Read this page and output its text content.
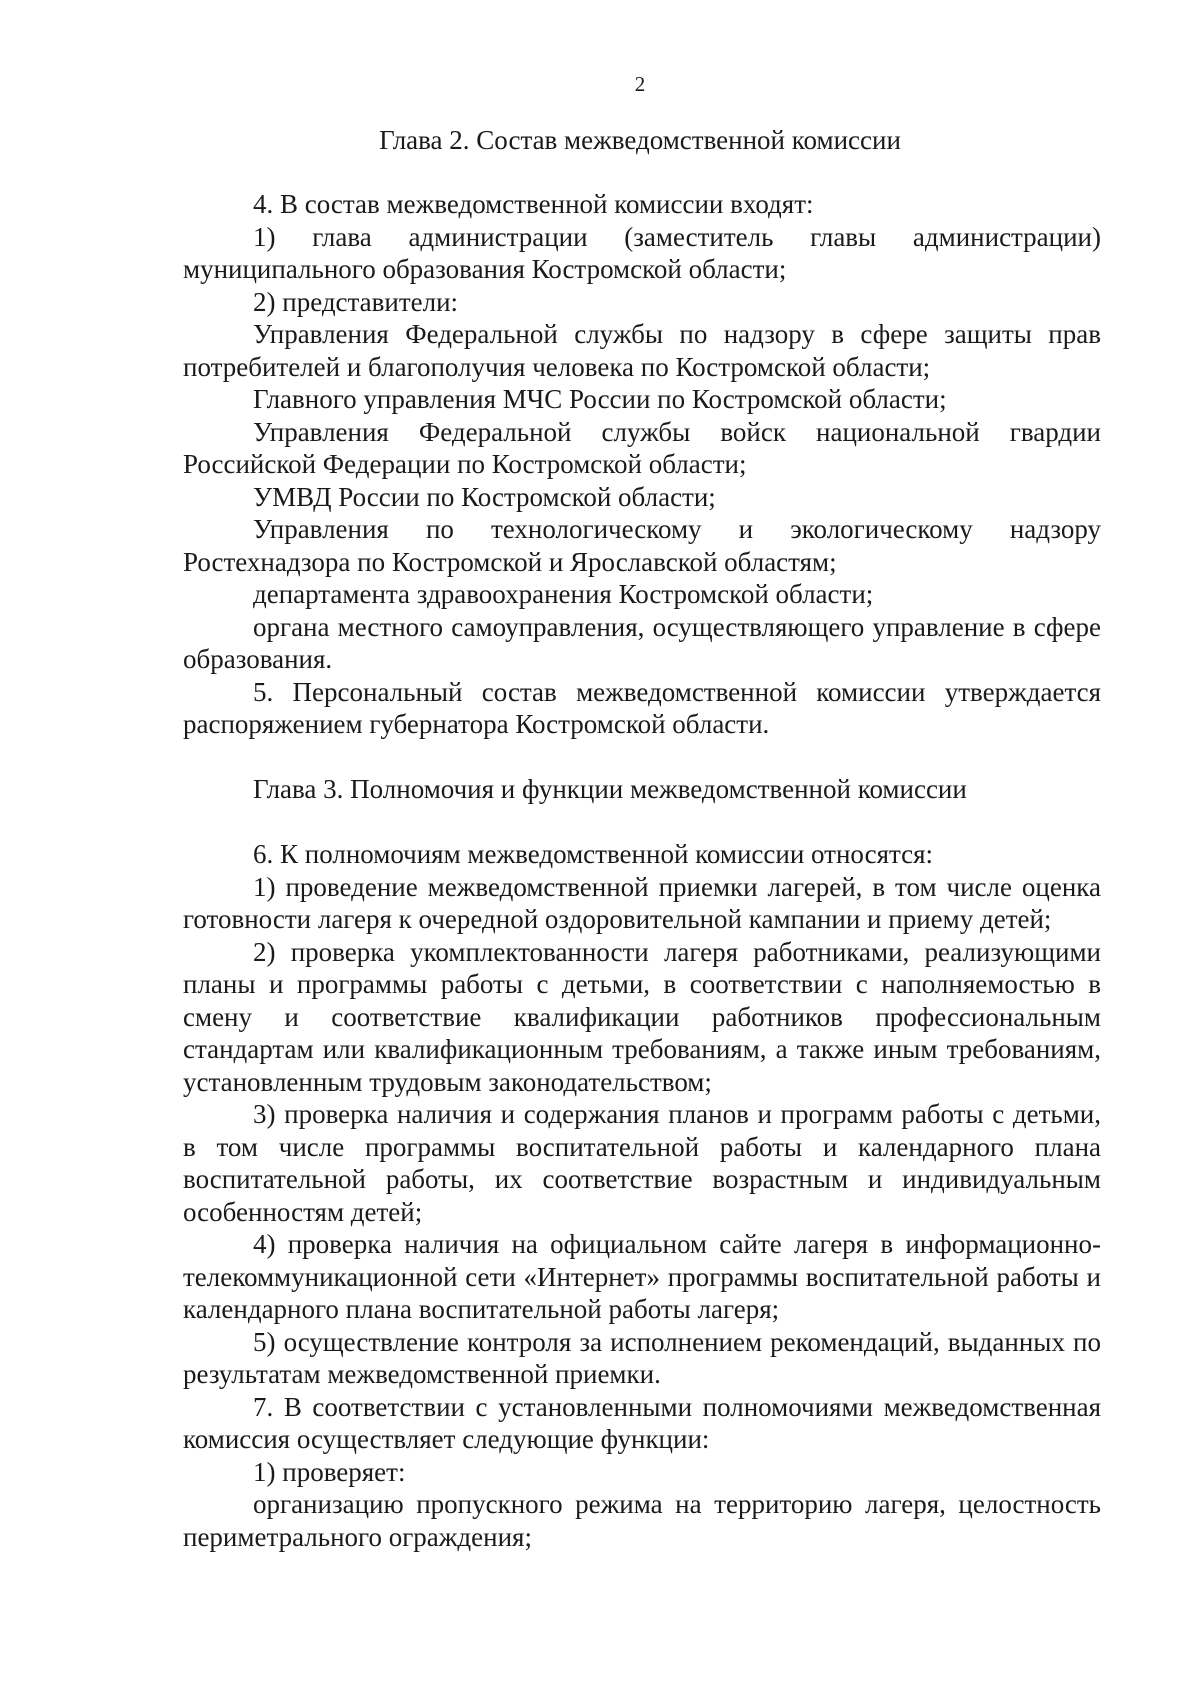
2
Глава 2. Состав межведомственной комиссии

4. В состав межведомственной комиссии входят:

1) глава администрации (заместитель главы администрации) муниципального образования Костромской области;

2) представители:

Управления Федеральной службы по надзору в сфере защиты прав потребителей и благополучия человека по Костромской области;

Главного управления МЧС России по Костромской области;

Управления Федеральной службы войск национальной гвардии Российской Федерации по Костромской области;

УМВД России по Костромской области;

Управления по технологическому и экологическому надзору Ростехнадзора по Костромской и Ярославской областям;

департамента здравоохранения Костромской области;

органа местного самоуправления, осуществляющего управление в сфере образования.

5. Персональный состав межведомственной комиссии утверждается распоряжением губернатора Костромской области.

Глава 3. Полномочия и функции межведомственной комиссии

6. К полномочиям межведомственной комиссии относятся:

1) проведение межведомственной приемки лагерей, в том числе оценка готовности лагеря к очередной оздоровительной кампании и приему детей;

2) проверка укомплектованности лагеря работниками, реализующими планы и программы работы с детьми, в соответствии с наполняемостью в смену и соответствие квалификации работников профессиональным стандартам или квалификационным требованиям, а также иным требованиям, установленным трудовым законодательством;

3) проверка наличия и содержания планов и программ работы с детьми, в том числе программы воспитательной работы и календарного плана воспитательной работы, их соответствие возрастным и индивидуальным особенностям детей;

4) проверка наличия на официальном сайте лагеря в информационно-телекоммуникационной сети «Интернет» программы воспитательной работы и календарного плана воспитательной работы лагеря;

5) осуществление контроля за исполнением рекомендаций, выданных по результатам межведомственной приемки.

7. В соответствии с установленными полномочиями межведомственная комиссия осуществляет следующие функции:

1) проверяет:

организацию пропускного режима на территорию лагеря, целостность периметрального ограждения;
